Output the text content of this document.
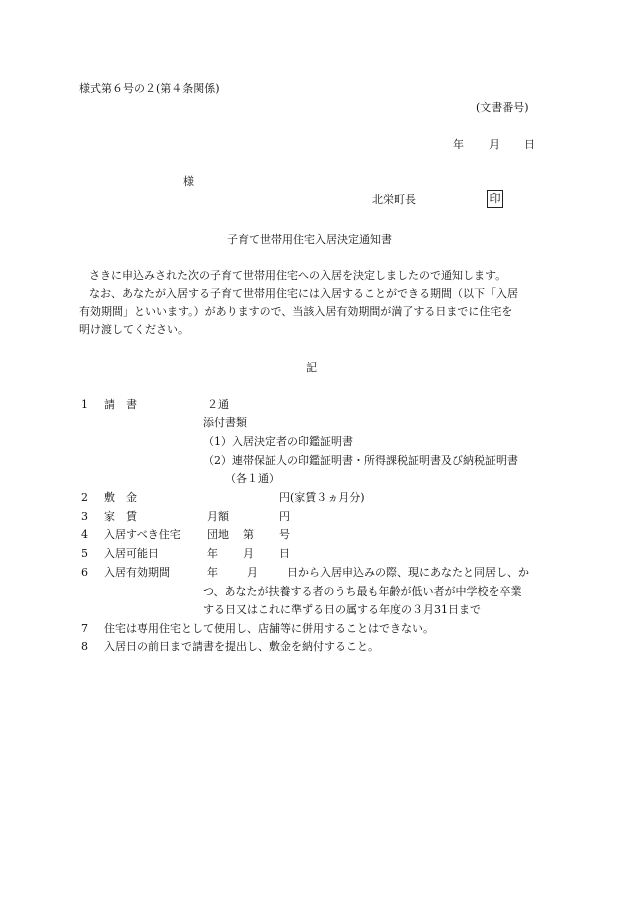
様式第６号の２(第４条関係)
(文書番号)
年 月 日
様
北栄町長	印
子育て世帯用住宅入居決定通知書
さきに申込みされた次の子育て世帯用住宅への入居を決定しましたので通知します。
なお、あなたが入居する子育て世帯用住宅には入居することができる期間（以下「入居
有効期間」といいます。）がありますので、当該入居有効期間が満了する日までに住宅を
明け渡してください。
記
1 請　書	２通
添付書類
（1）入居決定者の印鑑証明書
（2）連帯保証人の印鑑証明書・所得課税証明書及び納税証明書
（各１通）
2 敷　金	円(家賃３ヵ月分)
3 家　賃	月額	円
4 入居すべき住宅 団地 第 号
5 入居可能日	年 月 日
6 入居有効期間	年	月	日から入居申込みの際、現にあなたと同居し、か
つ、あなたが扶養する者のうち最も年齢が低い者が中学校を卒業
する日又はこれに準ずる日の属する年度の３月31日まで
7 住宅は専用住宅として使用し、店舗等に併用することはできない。
8 入居日の前日まで請書を提出し、敷金を納付すること。
